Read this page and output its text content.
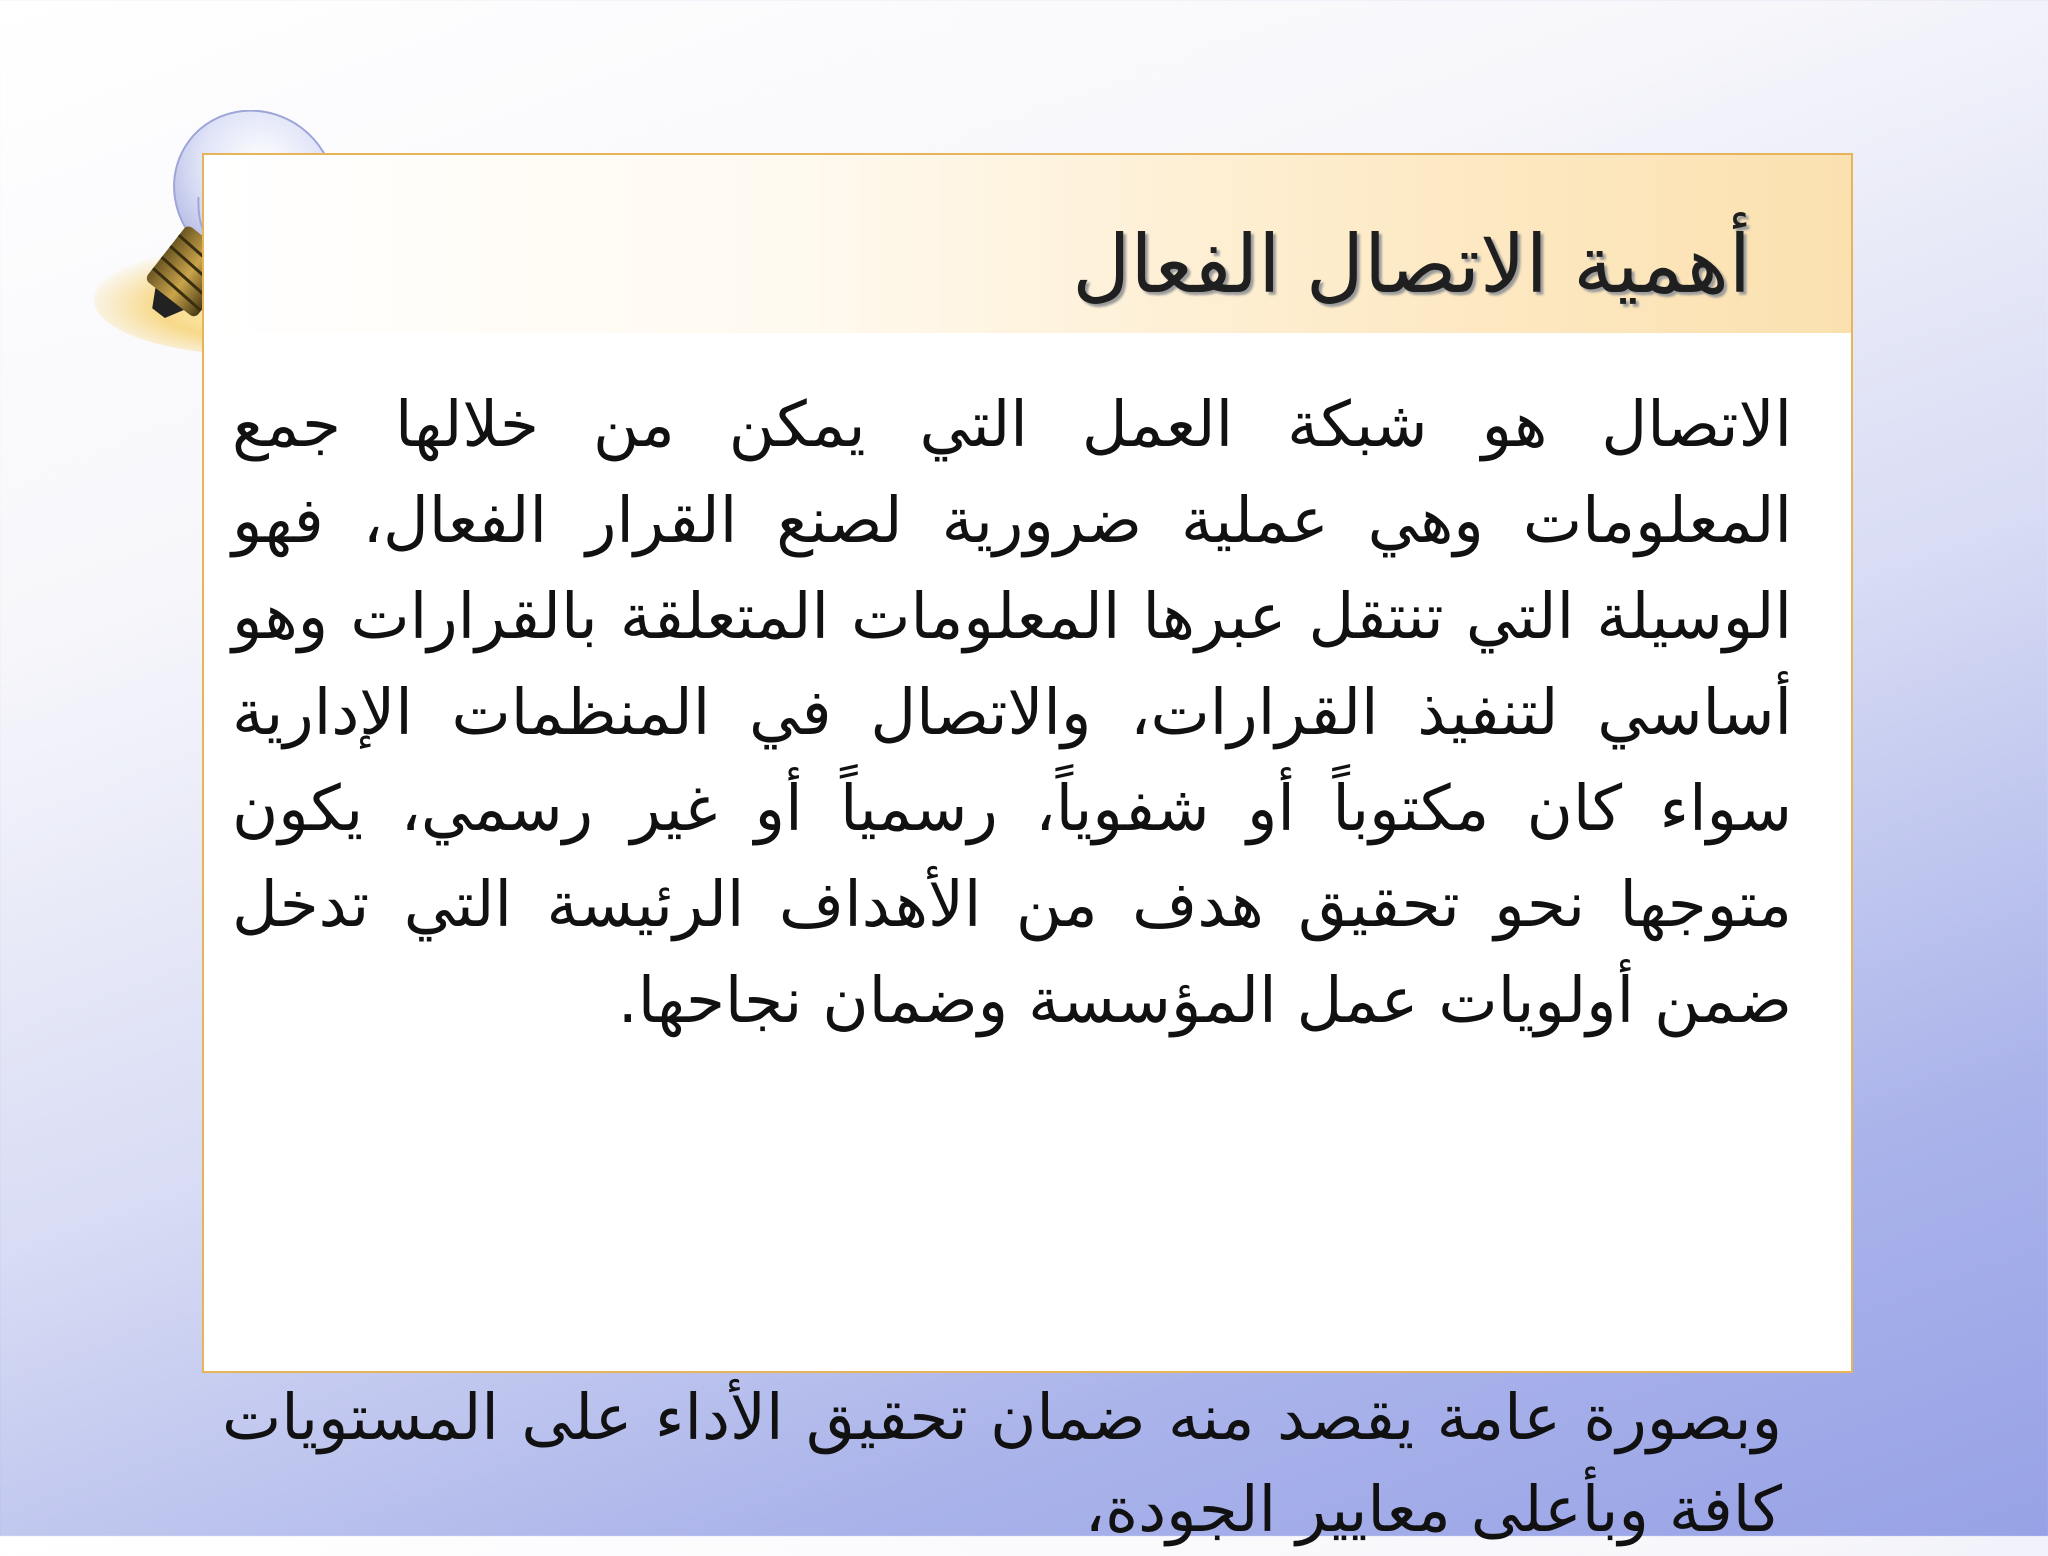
أهمية الاتصال الفعال
الاتصال هو شبكة العمل التي يمكن من خلالها جمع المعلومات وهي عملية ضرورية لصنع القرار الفعال، فهو الوسيلة التي تنتقل عبرها المعلومات المتعلقة بالقرارات وهو أساسي لتنفيذ القرارات، والاتصال في المنظمات الإدارية سواء كان مكتوباً أو شفوياً، رسمياً أو غير رسمي، يكون متوجها نحو تحقيق هدف من الأهداف الرئيسة التي تدخل ضمن أولويات عمل المؤسسة وضمان نجاحها.
وبصورة عامة يقصد منه ضمان تحقيق الأداء على المستويات كافة وبأعلى معايير الجودة،
